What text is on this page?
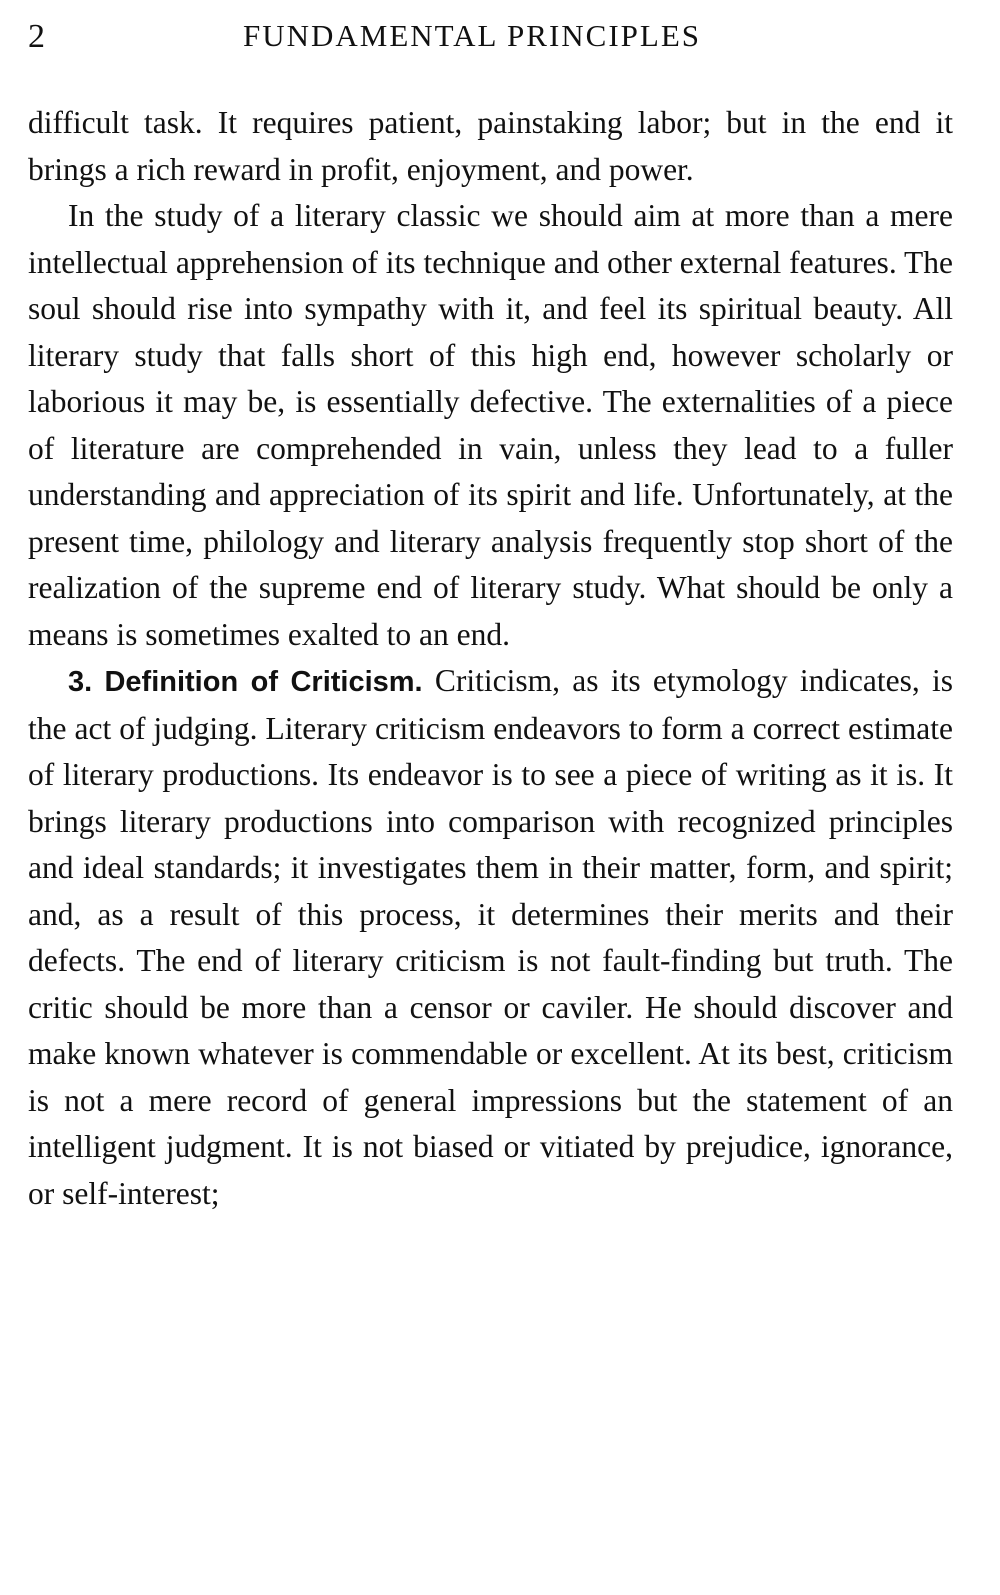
2	FUNDAMENTAL PRINCIPLES

difficult task. It requires patient, painstaking labor; but in the end it brings a rich reward in profit, enjoyment, and power.

In the study of a literary classic we should aim at more than a mere intellectual apprehension of its technique and other external features. The soul should rise into sympathy with it, and feel its spiritual beauty. All literary study that falls short of this high end, however scholarly or laborious it may be, is essentially defective. The externalities of a piece of literature are comprehended in vain, unless they lead to a fuller understanding and appreciation of its spirit and life. Unfortunately, at the present time, philology and literary analysis frequently stop short of the realization of the supreme end of literary study. What should be only a means is sometimes exalted to an end.

3. Definition of Criticism. Criticism, as its etymology indicates, is the act of judging. Literary criticism endeavors to form a correct estimate of literary productions. Its endeavor is to see a piece of writing as it is. It brings literary productions into comparison with recognized principles and ideal standards; it investigates them in their matter, form, and spirit; and, as a result of this process, it determines their merits and their defects. The end of literary criticism is not fault-finding but truth. The critic should be more than a censor or caviler. He should discover and make known whatever is commendable or excellent. At its best, criticism is not a mere record of general impressions but the statement of an intelligent judgment. It is not biased or vitiated by prejudice, ignorance, or self-interest;
